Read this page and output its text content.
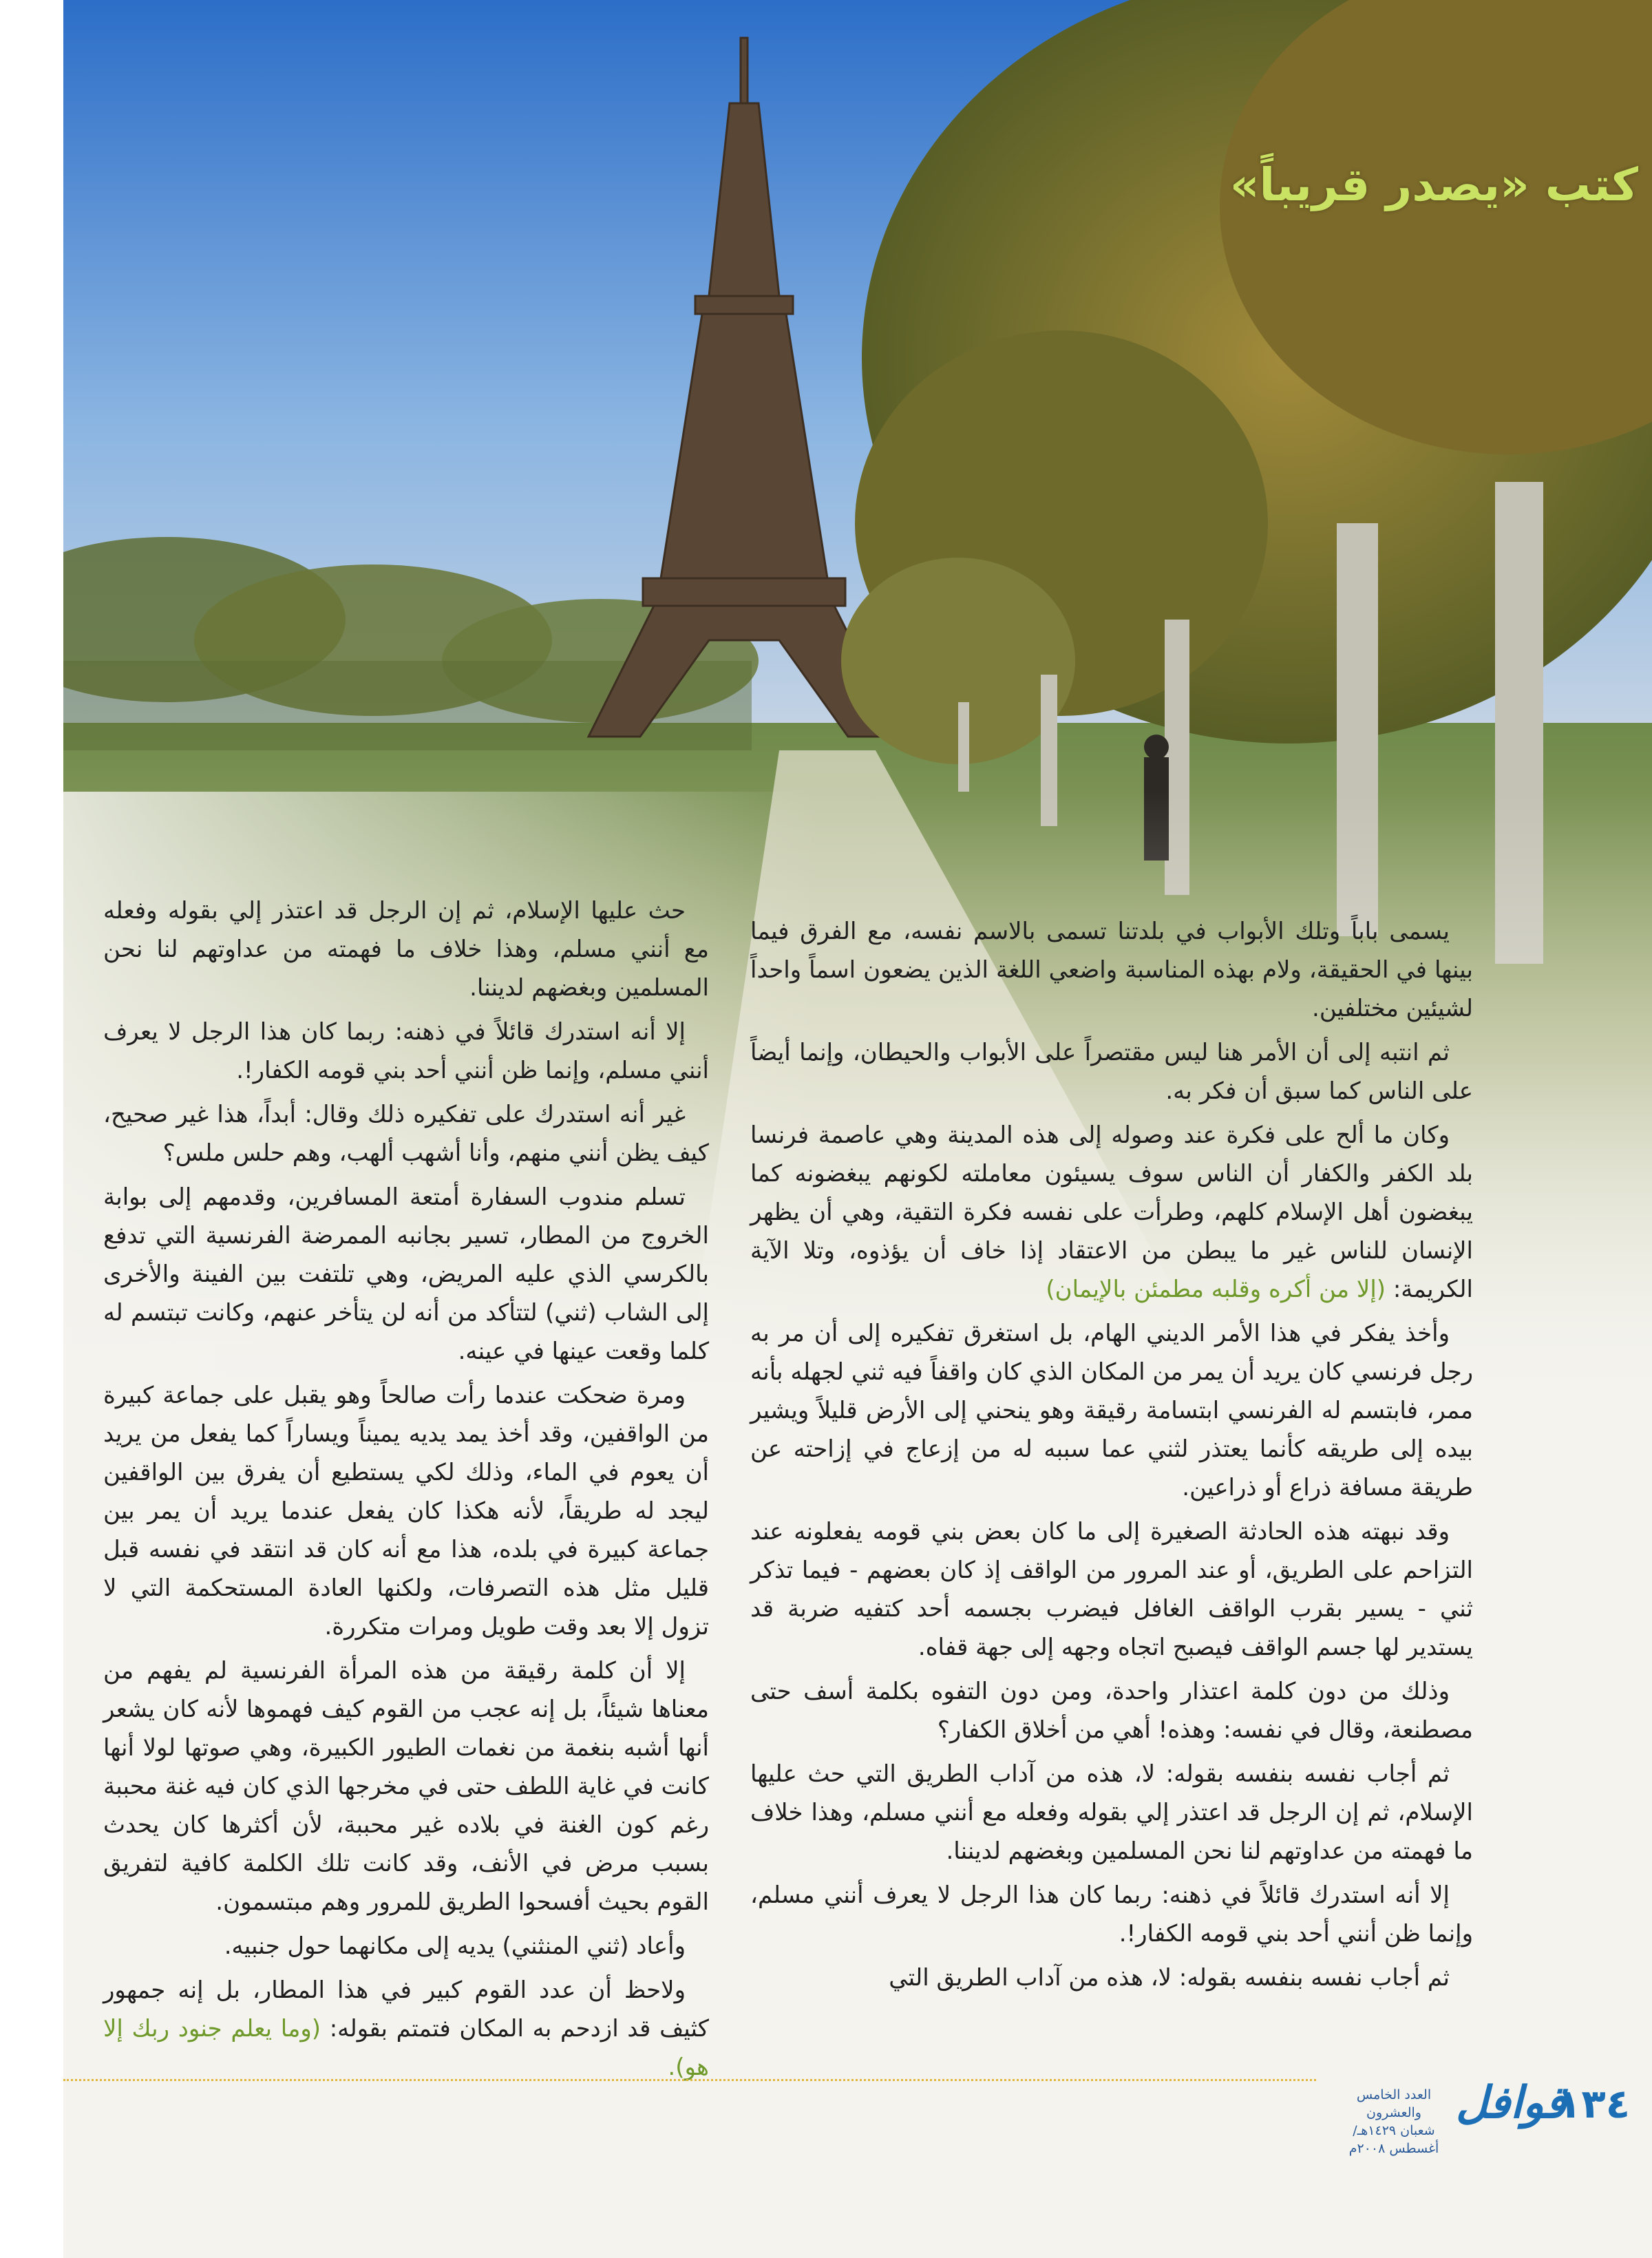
كتب «يصدر قريباً»

يسمى باباً وتلك الأبواب في بلدتنا تسمى بالاسم نفسه، مع الفرق فيما بينها في الحقيقة، ولام بهذه المناسبة واضعي اللغة الذين يضعون اسماً واحداً لشيئين مختلفين.

ثم انتبه إلى أن الأمر هنا ليس مقتصراً على الأبواب والحيطان، وإنما أيضاً على الناس كما سبق أن فكر به.

وكان ما ألح على فكرة عند وصوله إلى هذه المدينة وهي عاصمة فرنسا بلد الكفر والكفار أن الناس سوف يسيئون معاملته لكونهم يبغضونه كما يبغضون أهل الإسلام كلهم، وطرأت على نفسه فكرة التقية، وهي أن يظهر الإنسان للناس غير ما يبطن من الاعتقاد إذا خاف أن يؤذوه، وتلا الآية الكريمة: (إلا من أكره وقلبه مطمئن بالإيمان)

وأخذ يفكر في هذا الأمر الديني الهام، بل استغرق تفكيره إلى أن مر به رجل فرنسي كان يريد أن يمر من المكان الذي كان واقفاً فيه ثني لجهله بأنه ممر، فابتسم له الفرنسي ابتسامة رقيقة وهو ينحني إلى الأرض قليلاً ويشير بيده إلى طريقه كأنما يعتذر لثني عما سببه له من إزعاج في إزاحته عن طريقة مسافة ذراع أو ذراعين.

وقد نبهته هذه الحادثة الصغيرة إلى ما كان بعض بني قومه يفعلونه عند التزاحم على الطريق، أو عند المرور من الواقف إذ كان بعضهم - فيما تذكر ثني - يسير بقرب الواقف الغافل فيضرب بجسمه أحد كتفيه ضربة قد يستدير لها جسم الواقف فيصبح اتجاه وجهه إلى جهة قفاه.

وذلك من دون كلمة اعتذار واحدة، ومن دون التفوه بكلمة أسف حتى مصطنعة، وقال في نفسه: وهذه! أهي من أخلاق الكفار؟

ثم أجاب نفسه بنفسه بقوله: لا، هذه من آداب الطريق التي حث عليها الإسلام، ثم إن الرجل قد اعتذر إلي بقوله وفعله مع أنني مسلم، وهذا خلاف ما فهمته من عداوتهم لنا نحن المسلمين وبغضهم لديننا.

إلا أنه استدرك قائلاً في ذهنه: ربما كان هذا الرجل لا يعرف أنني مسلم، وإنما ظن أنني أحد بني قومه الكفار!.

ثم أجاب نفسه بنفسه بقوله: لا، هذه من آداب الطريق التي

حث عليها الإسلام، ثم إن الرجل قد اعتذر إلي بقوله وفعله مع أنني مسلم، وهذا خلاف ما فهمته من عداوتهم لنا نحن المسلمين وبغضهم لديننا.

إلا أنه استدرك قائلاً في ذهنه: ربما كان هذا الرجل لا يعرف أنني مسلم، وإنما ظن أنني أحد بني قومه الكفار!.

غير أنه استدرك على تفكيره ذلك وقال: أبداً، هذا غير صحيح، كيف يظن أنني منهم، وأنا أشهب ألهب، وهم حلس ملس؟

تسلم مندوب السفارة أمتعة المسافرين، وقدمهم إلى بوابة الخروج من المطار، تسير بجانبه الممرضة الفرنسية التي تدفع بالكرسي الذي عليه المريض، وهي تلتفت بين الفينة والأخرى إلى الشاب (ثني) لتتأكد من أنه لن يتأخر عنهم، وكانت تبتسم له كلما وقعت عينها في عينه.

ومرة ضحكت عندما رأت صالحاً وهو يقبل على جماعة كبيرة من الواقفين، وقد أخذ يمد يديه يميناً ويساراً كما يفعل من يريد أن يعوم في الماء، وذلك لكي يستطيع أن يفرق بين الواقفين ليجد له طريقاً، لأنه هكذا كان يفعل عندما يريد أن يمر بين جماعة كبيرة في بلده، هذا مع أنه كان قد انتقد في نفسه قبل قليل مثل هذه التصرفات، ولكنها العادة المستحكمة التي لا تزول إلا بعد وقت طويل ومرات متكررة.

إلا أن كلمة رقيقة من هذه المرأة الفرنسية لم يفهم من معناها شيئاً، بل إنه عجب من القوم كيف فهموها لأنه كان يشعر أنها أشبه بنغمة من نغمات الطيور الكبيرة، وهي صوتها لولا أنها كانت في غاية اللطف حتى في مخرجها الذي كان فيه غنة محببة رغم كون الغنة في بلاده غير محببة، لأن أكثرها كان يحدث بسبب مرض في الأنف، وقد كانت تلك الكلمة كافية لتفريق القوم بحيث أفسحوا الطريق للمرور وهم مبتسمون.

وأعاد (ثني المنثني) يديه إلى مكانهما حول جنبيه.

ولاحظ أن عدد القوم كبير في هذا المطار، بل إنه جمهور كثيف قد ازدحم به المكان فتمتم بقوله: (وما يعلم جنود ربك إلا هو).

العدد الخامس والعشرون
شعبان ١٤٢٩هـ/ أغسطس ٢٠٠٨م
قوافل
١٣٤
